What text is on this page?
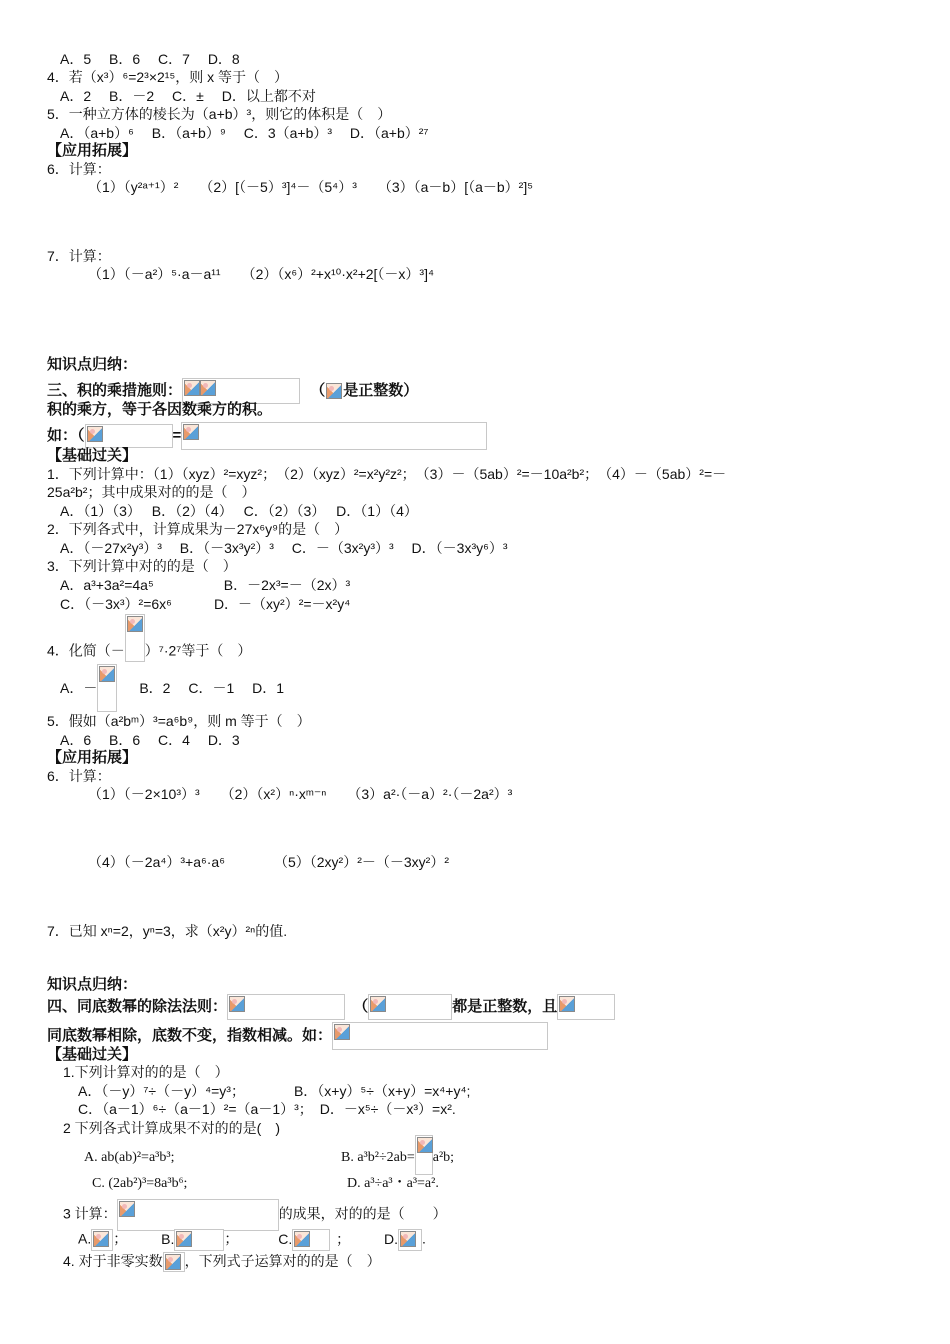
A．5　 B．6　 C．7　 D．8
4．若（x³）⁶=2³×2¹⁵，则 x 等于（　）
A．2　 B．－2　 C．±　 D．以上都不对
5．一种立方体的棱长为（a+b）³，则它的体积是（　）
A．（a+b）⁶　 B．（a+b）⁹　 C．3（a+b）³　 D．（a+b）²⁷
【应用拓展】
6．计算：
（1）（y²ᵃ⁺¹）²　　（2）[（－5）³]⁴－（5⁴）³　　（3）（a－b）[（a－b）²]⁵
7．计算：
（1）（－a²）⁵·a－a¹¹　　（2）（x⁶）²+x¹⁰·x²+2[（－x）³]⁴
知识点归纳：
三、积的乘措施则：	（ 是正整数）
积的乘方，等于各因数乘方的积。
如：（	=
【基础过关】
1．下列计算中：（1）（xyz）²=xyz²；　（2）（xyz）²=x²y²z²；　（3）－（5ab）²=－10a²b²；　（4）－（5ab）²=－
25a²b²；其中成果对的的是（　）
A．（1）（3）　 B．（2）（4）　 C．（2）（3）　 D．（1）（4）
2．下列各式中，计算成果为－27x⁶y⁹的是（　）
A．（－27x²y³）³　 B．（－3x³y²）³　 C．－（3x²y³）³　 D．（－3x³y⁶）³
3．下列计算中对的的是（　）
A．a³+3a²=4a⁵　　　　　B．－2x³=－（2x）³
C．（－3x³）²=6x⁶　　　D．－（xy²）²=－x²y⁴
4．化简（－ ）⁷·2⁷等于（　）
A．－	B．2　 C．－1　 D．1
5．假如（a²bᵐ）³=a⁶b⁹，则 m 等于（　）
A．6　 B．6　 C．4　 D．3
【应用拓展】
6．计算：
（1）（－2×10³）³　　（2）（x²）ⁿ·xᵐ⁻ⁿ　　（3）a²·（－a）²·（－2a²）³
（4）（－2a⁴）³+a⁶·a⁶　　　　（5）（2xy²）²－（－3xy²）²
7．已知 xⁿ=2，yⁿ=3，求（x²y）²ⁿ的值.
知识点归纳：
四、同底数幂的除法法则：	（	都是正整数，且
同底数幂相除，底数不变，指数相减。如：
【基础过关】
1.下列计算对的的是（　）
A．（－y）⁷÷（－y）⁴=y³；　　　　B．（x+y）⁵÷（x+y）=x⁴+y⁴;
C．（a－1）⁶÷（a－1）²=（a－1）³；　D．－x⁵÷（－x³）=x².
2 下列各式计算成果不对的的是(　)
A. ab(ab)²=a³b³;	B. a³b²÷2ab= a²b;
C. (2ab²)³=8a³b⁶;	D. a³÷a³・a³=a².
3 计算：	的成果，对的的是（　　）
A. ； B.	；	C.	； D. .
4. 对于非零实数 ，下列式子运算对的的是（　）
